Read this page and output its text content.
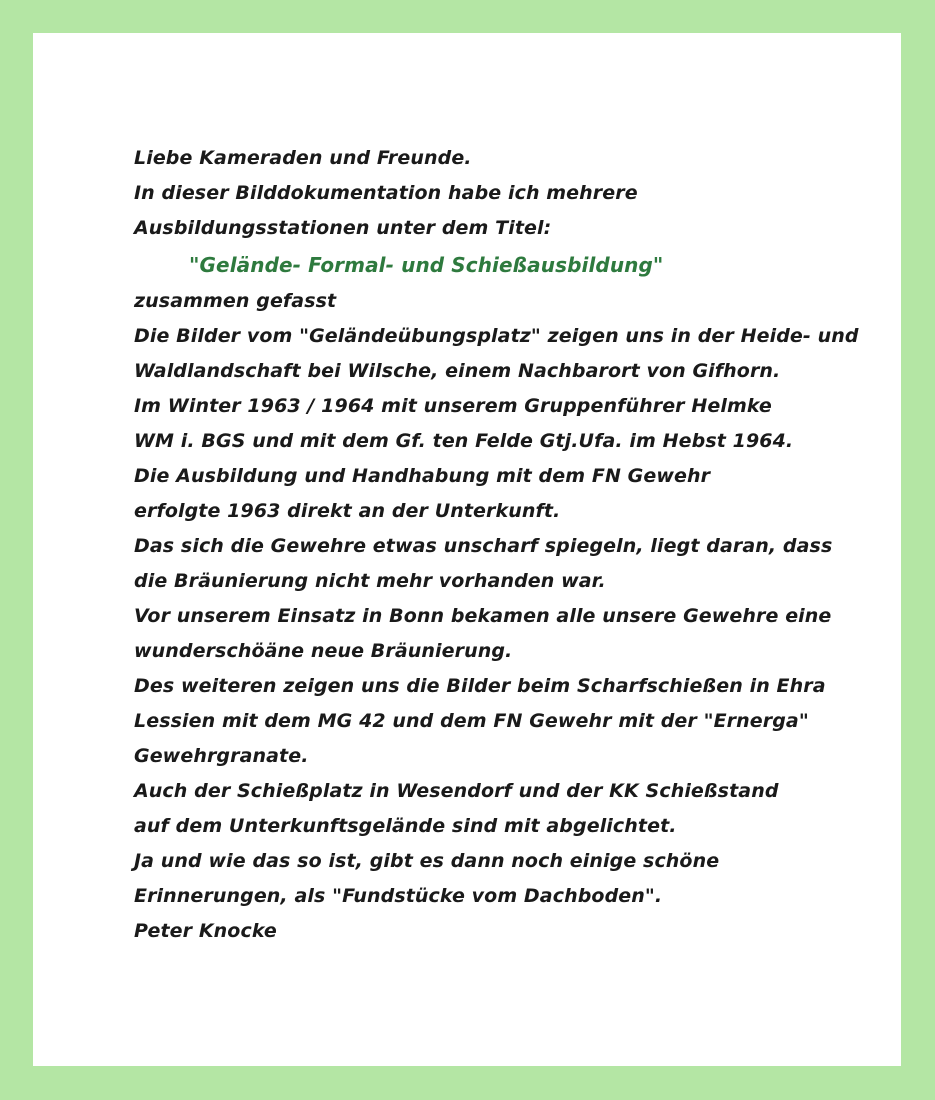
Liebe Kameraden und Freunde.
In dieser Bilddokumentation habe ich mehrere
Ausbildungsstationen unter dem Titel:
"Gelände- Formal- und Schießausbildung"
zusammen gefasst
Die Bilder vom "Geländeübungsplatz" zeigen uns in der Heide- und
Waldlandschaft bei Wilsche, einem Nachbarort von Gifhorn.
Im Winter 1963 / 1964 mit unserem Gruppenführer Helmke
WM i. BGS und mit dem Gf. ten Felde Gtj.Ufa. im Hebst 1964.
Die Ausbildung und Handhabung mit dem FN Gewehr
erfolgte 1963 direkt an der Unterkunft.
Das sich die Gewehre etwas unscharf spiegeln, liegt daran, dass
die Bräunierung nicht mehr vorhanden war.
Vor unserem Einsatz in Bonn bekamen alle unsere Gewehre eine
wunderschöäne neue Bräunierung.
Des weiteren zeigen uns die Bilder beim Scharfschießen in Ehra
Lessien mit dem MG 42 und dem FN Gewehr mit der "Ernerga"
Gewehrgranate.
Auch der Schießplatz in Wesendorf und der KK Schießstand
auf dem Unterkunftsgelände sind mit abgelichtet.
Ja und wie das so ist, gibt es dann noch einige schöne
Erinnerungen, als "Fundstücke vom Dachboden".
Peter Knocke
